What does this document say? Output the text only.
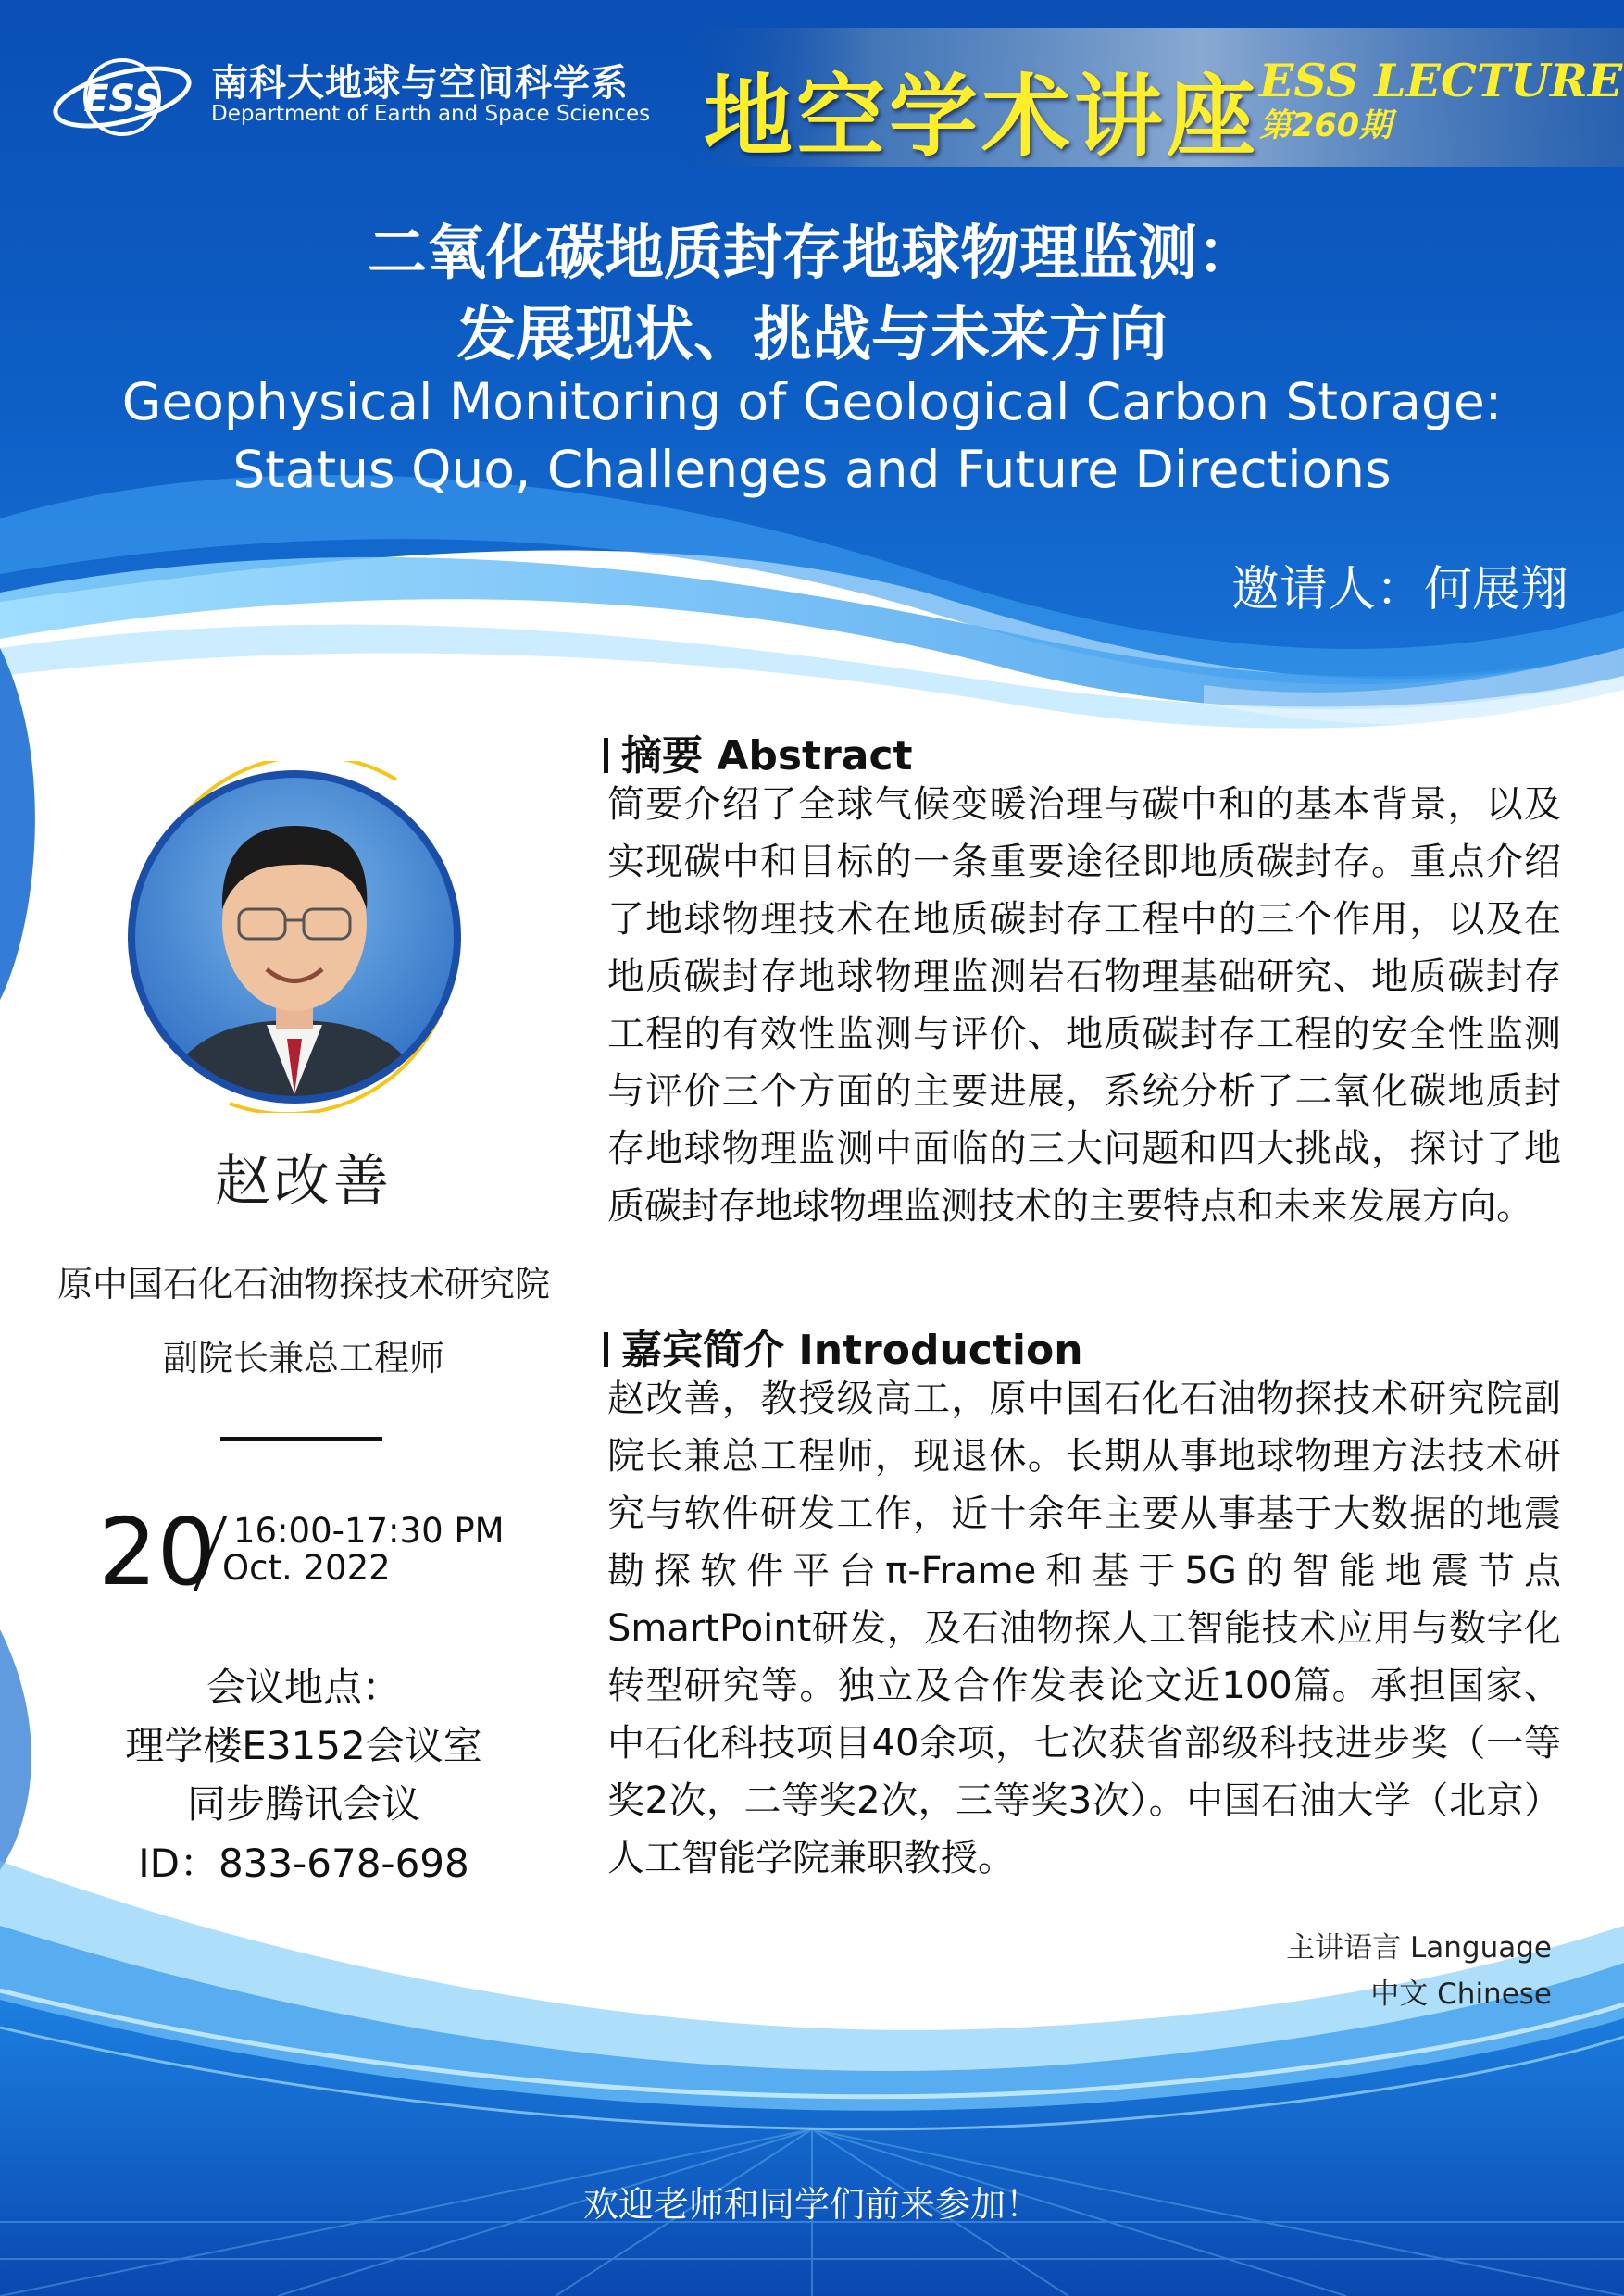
ESS 南科大地球与空间科学系
Department of Earth and Space Sciences 地空学术讲座 ESS LECTURE
第260期
二氧化碳地质封存地球物理监测：
发展现状、挑战与未来方向
Geophysical Monitoring of Geological Carbon Storage:
Status Quo, Challenges and Future Directions
邀请人：何展翔
赵改善
原中国石化石油物探技术研究院
副院长兼总工程师
20 16:00-17:30 PM
Oct. 2022
会议地点：
理学楼E3152会议室
同步腾讯会议
ID：833-678-698
摘要 Abstract
简要介绍了全球气候变暖治理与碳中和的基本背景，以及实现碳中和目标的一条重要途径即地质碳封存。重点介绍了地球物理技术在地质碳封存工程中的三个作用，以及在地质碳封存地球物理监测岩石物理基础研究、地质碳封存工程的有效性监测与评价、地质碳封存工程的安全性监测与评价三个方面的主要进展，系统分析了二氧化碳地质封存地球物理监测中面临的三大问题和四大挑战，探讨了地质碳封存地球物理监测技术的主要特点和未来发展方向。
嘉宾简介 Introduction
赵改善，教授级高工，原中国石化石油物探技术研究院副院长兼总工程师，现退休。长期从事地球物理方法技术研究与软件研发工作，近十余年主要从事基于大数据的地震勘探软件平台π-Frame和基于5G的智能地震节点SmartPoint研发，及石油物探人工智能技术应用与数字化转型研究等。独立及合作发表论文近100篇。承担国家、中石化科技项目40余项，七次获省部级科技进步奖（一等奖2次，二等奖2次，三等奖3次）。中国石油大学（北京）人工智能学院兼职教授。
主讲语言 Language
中文 Chinese
欢迎老师和同学们前来参加！
